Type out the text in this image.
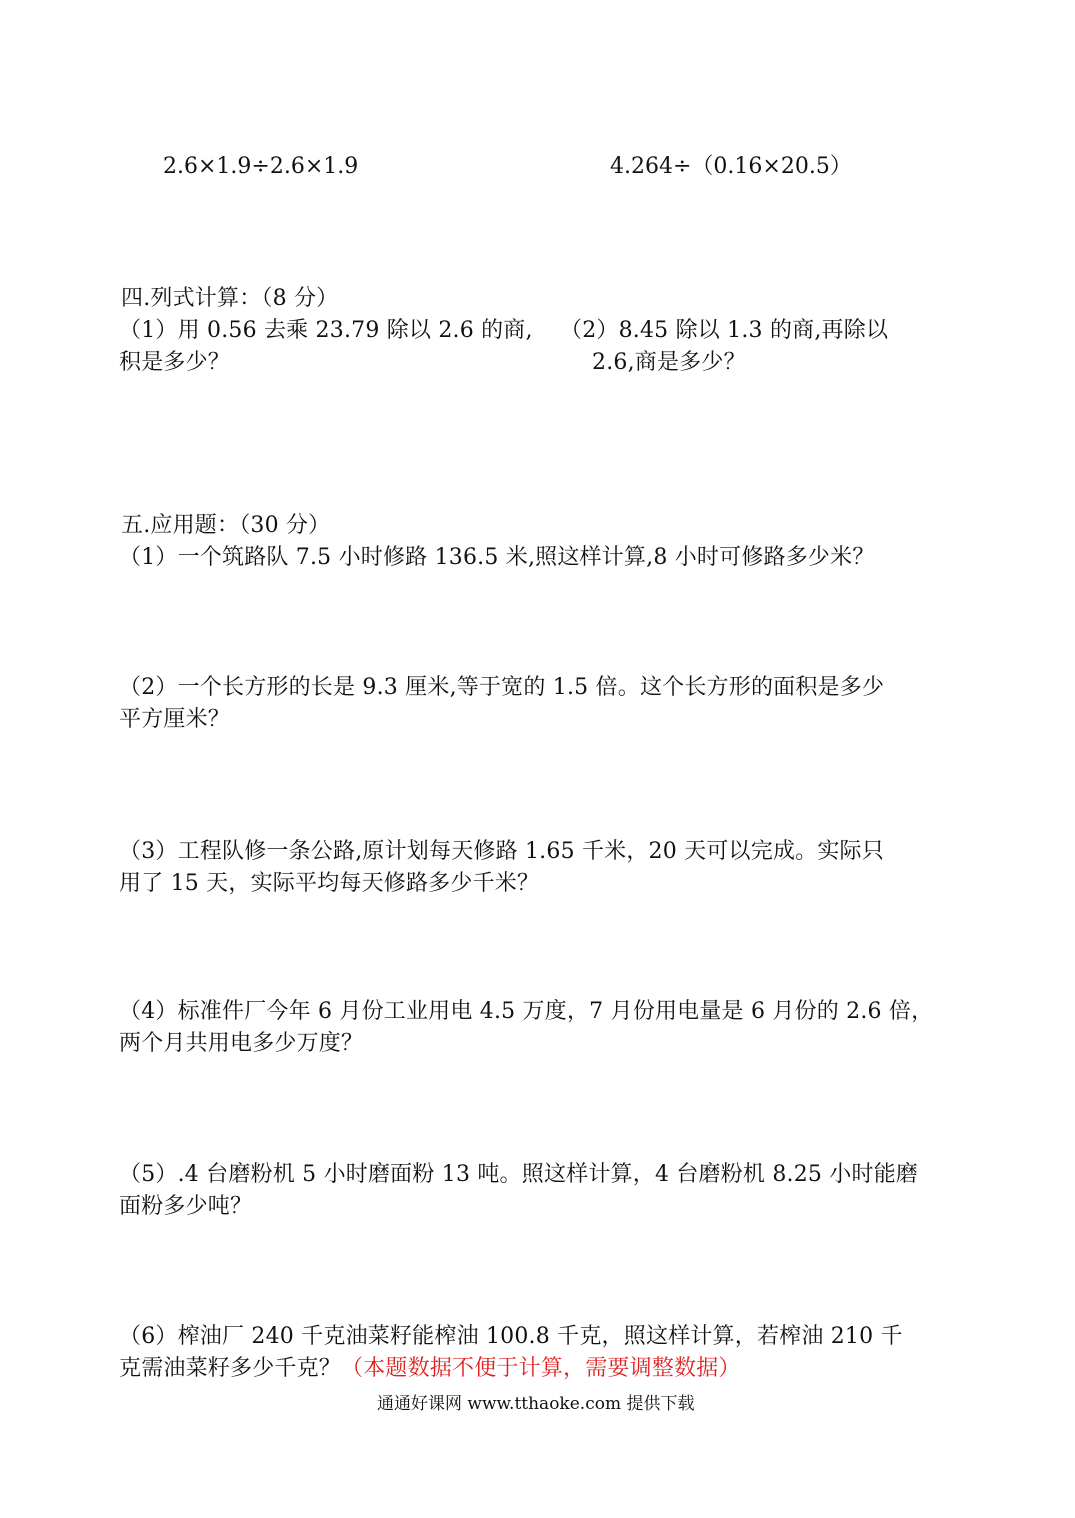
2.6×1.9÷2.6×1.9	4.264÷（0.16×20.5）
四.列式计算：（8 分）
（1）用 0.56 去乘 23.79 除以 2.6 的商,
积是多少？
（2）8.45 除以 1.3 的商,再除以
2.6,商是多少？
五.应用题：（30 分）
（1）一个筑路队 7.5 小时修路 136.5 米,照这样计算,8 小时可修路多少米？
（2）一个长方形的长是 9.3 厘米,等于宽的 1.5 倍。这个长方形的面积是多少
平方厘米？
（3）工程队修一条公路,原计划每天修路 1.65 千米，20 天可以完成。实际只
用了 15 天，实际平均每天修路多少千米？
（4）标准件厂今年 6 月份工业用电 4.5 万度，7 月份用电量是 6 月份的 2.6 倍，
两个月共用电多少万度？
（5）.4 台磨粉机 5 小时磨面粉 13 吨。照这样计算，4 台磨粉机 8.25 小时能磨
面粉多少吨？
（6）榨油厂 240 千克油菜籽能榨油 100.8 千克，照这样计算，若榨油 210 千
克需油菜籽多少千克？（本题数据不便于计算，需要调整数据）
通通好课网 www.tthaoke.com 提供下载
